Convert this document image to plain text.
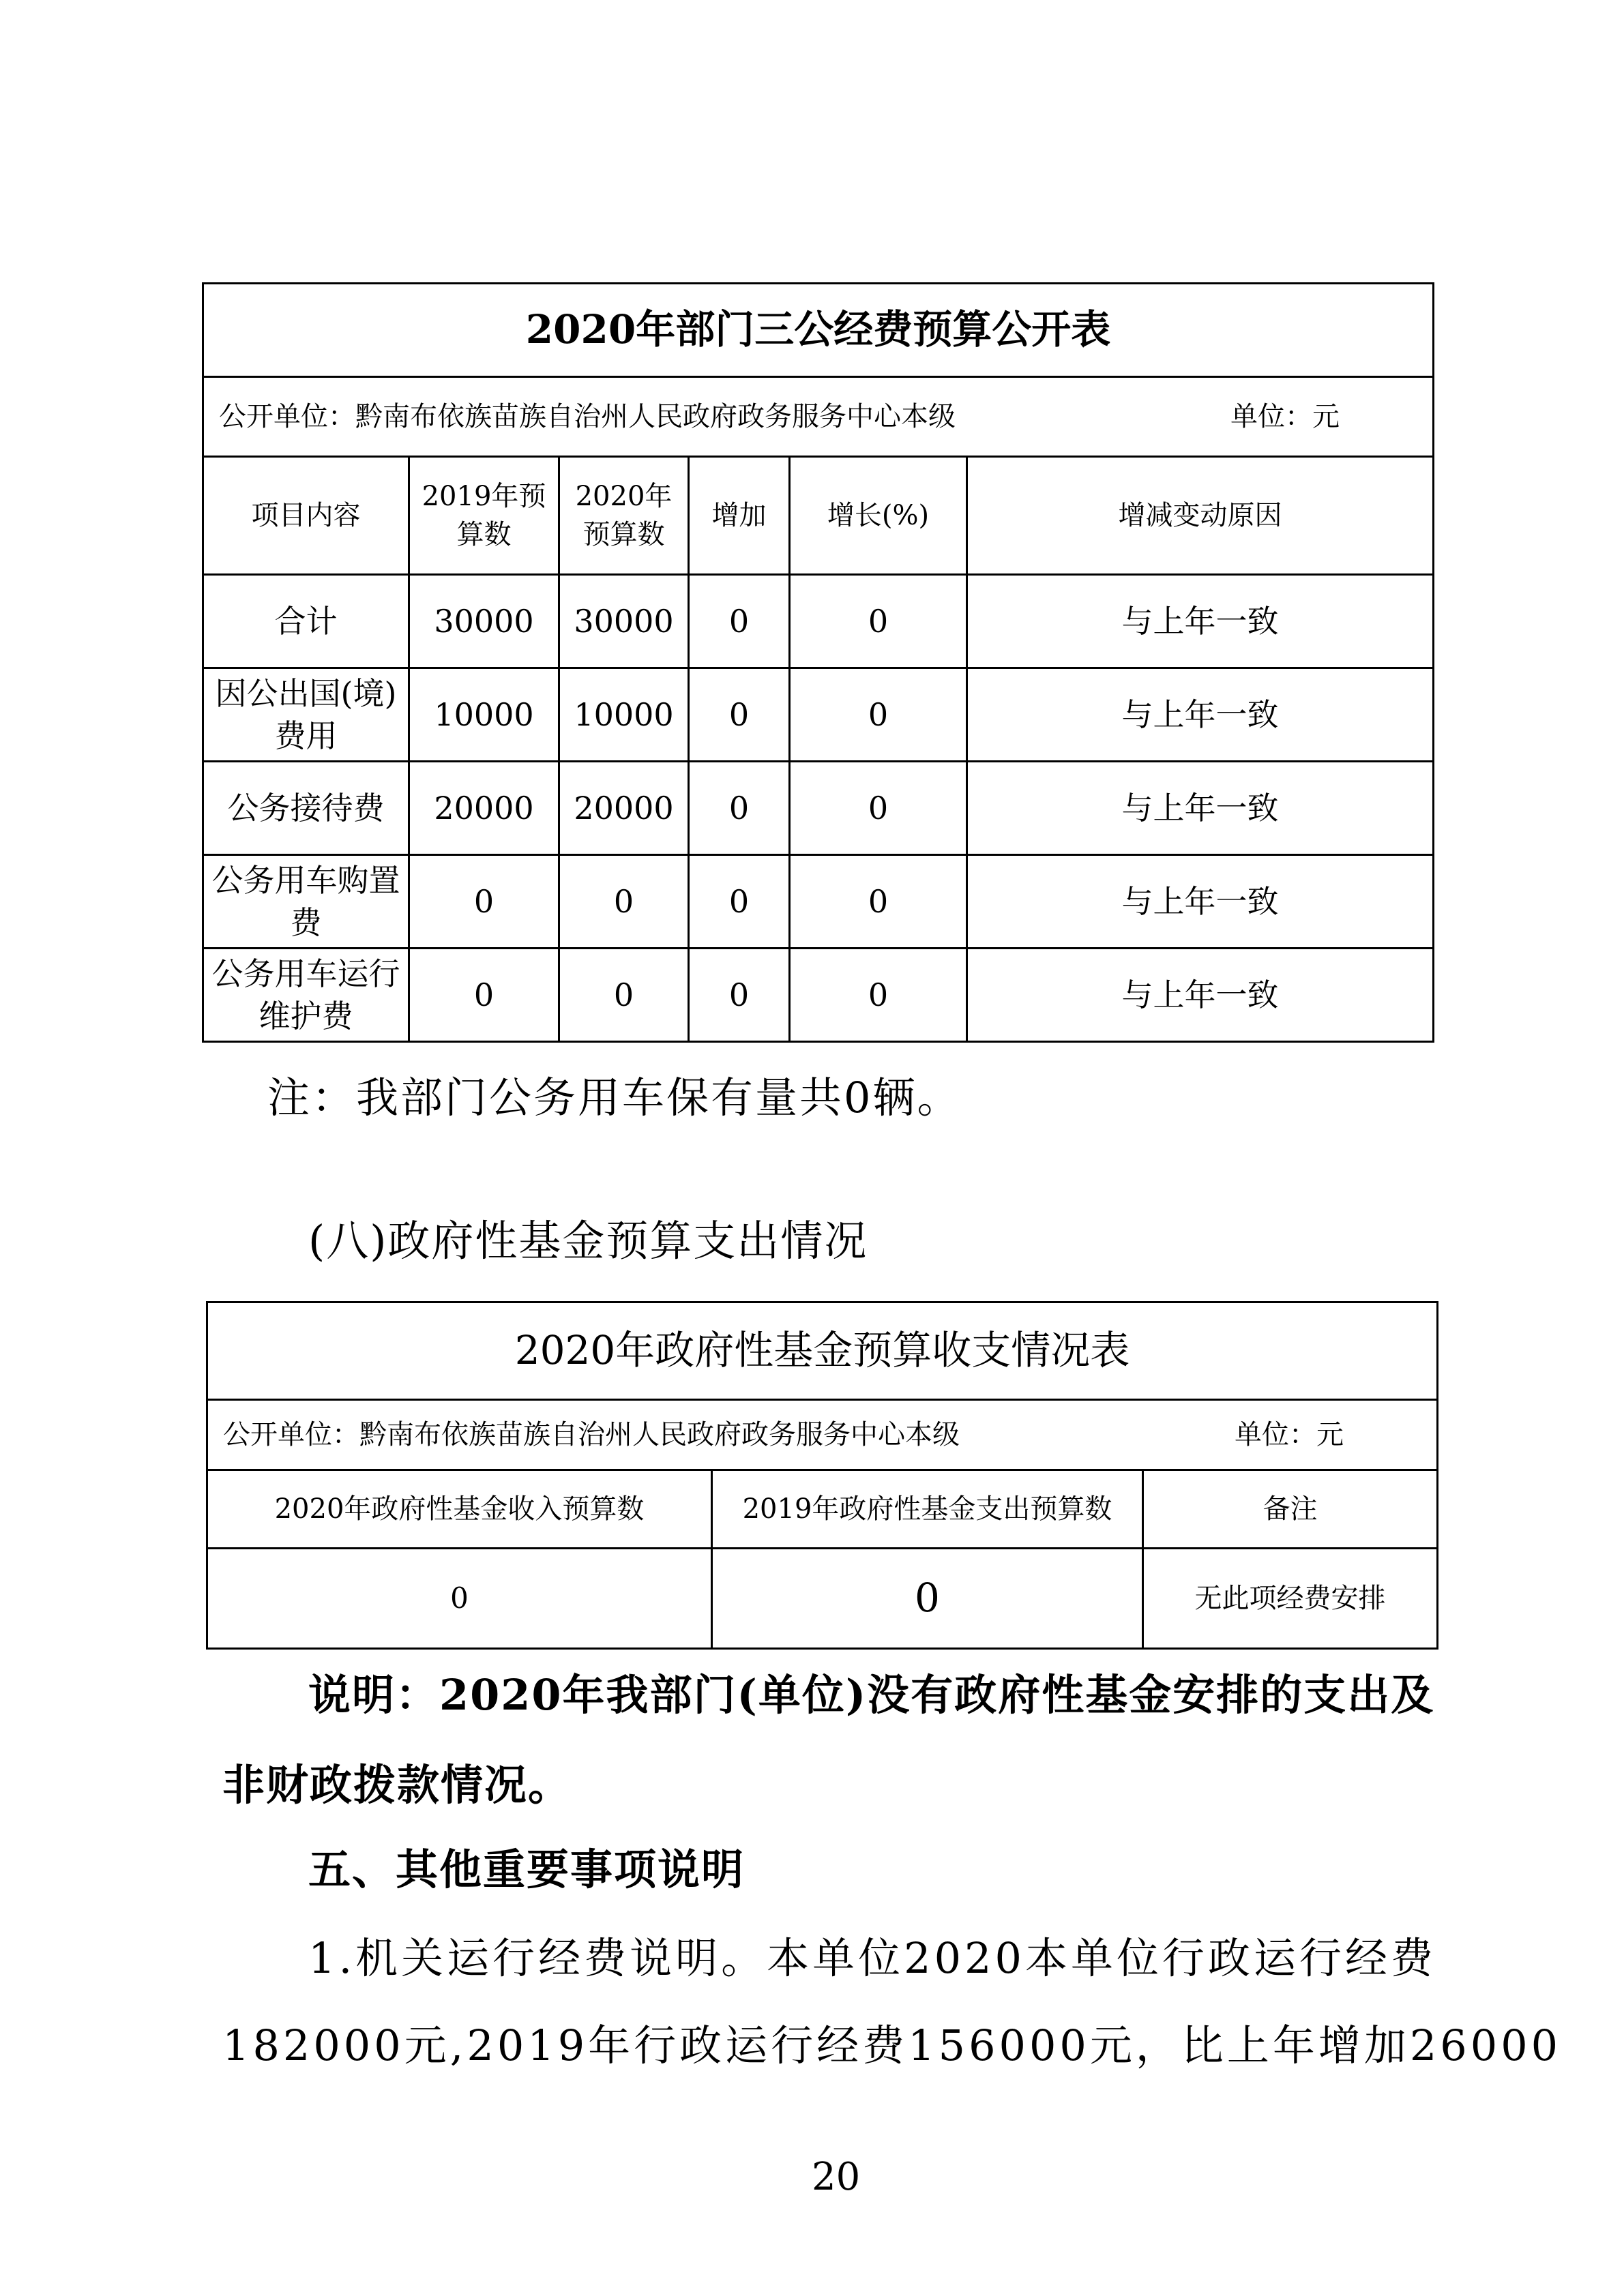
2020年部门三公经费预算公开表					

单位：元
公开单位：黔南布依族苗族自治州人民政府政务服务中心本级					
项目内容	2019年预算数	2020年预算数	增加	增长(%)	增减变动原因
合计	30000	30000	0	0	与上年一致
因公出国(境)费用	10000	10000	0	0	与上年一致
公务接待费	20000	20000	0	0	与上年一致
公务用车购置费	0	0	0	0	与上年一致
公务用车运行维护费	0	0	0	0	与上年一致
注：我部门公务用车保有量共0辆。
(八)政府性基金预算支出情况
2020年政府性基金预算收支情况表		

单位：元
公开单位：黔南布依族苗族自治州人民政府政务服务中心本级		
2020年政府性基金收入预算数	2019年政府性基金支出预算数	备注
0	0	无此项经费安排
说明：2020年我部门(单位)没有政府性基金安排的支出及
非财政拨款情况。
五、其他重要事项说明
1.机关运行经费说明。本单位2020本单位行政运行经费
182000元,2019年行政运行经费156000元，比上年增加26000
20
